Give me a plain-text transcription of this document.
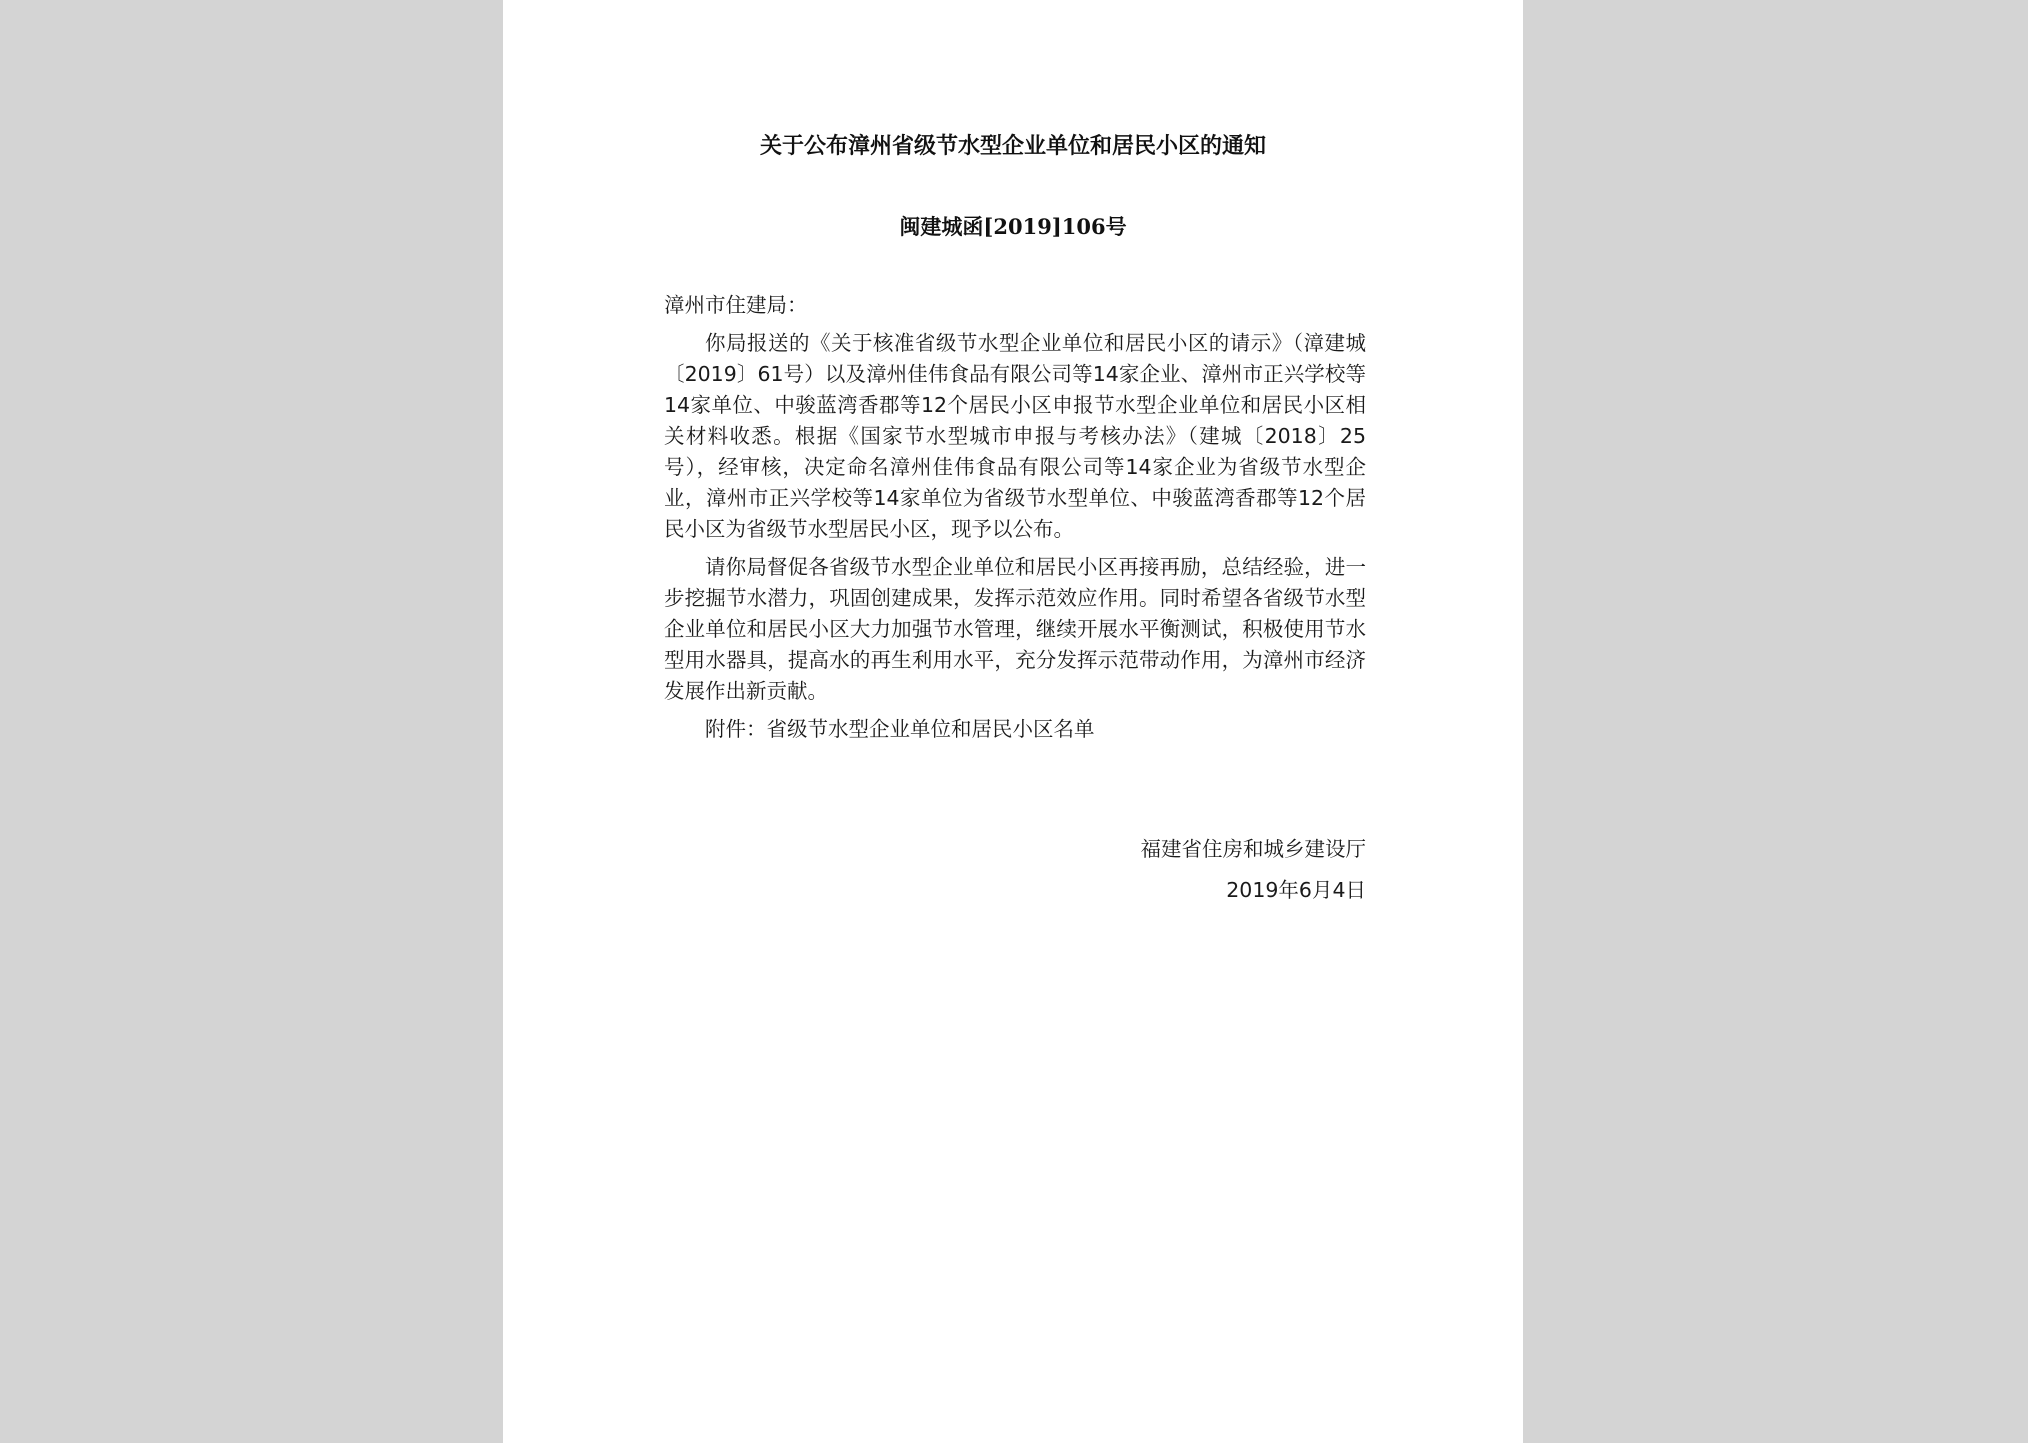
关于公布漳州省级节水型企业单位和居民小区的通知
闽建城函[2019]106号

漳州市住建局：

你局报送的《关于核准省级节水型企业单位和居民小区的请示》（漳建城〔2019〕61号）以及漳州佳伟食品有限公司等14家企业、漳州市正兴学校等14家单位、中骏蓝湾香郡等12个居民小区申报节水型企业单位和居民小区相关材料收悉。根据《国家节水型城市申报与考核办法》（建城〔2018〕25号），经审核，决定命名漳州佳伟食品有限公司等14家企业为省级节水型企业，漳州市正兴学校等14家单位为省级节水型单位、中骏蓝湾香郡等12个居民小区为省级节水型居民小区，现予以公布。

请你局督促各省级节水型企业单位和居民小区再接再励，总结经验，进一步挖掘节水潜力，巩固创建成果，发挥示范效应作用。同时希望各省级节水型企业单位和居民小区大力加强节水管理，继续开展水平衡测试，积极使用节水型用水器具，提高水的再生利用水平，充分发挥示范带动作用，为漳州市经济发展作出新贡献。

附件：省级节水型企业单位和居民小区名单

福建省住房和城乡建设厅
2019年6月4日
